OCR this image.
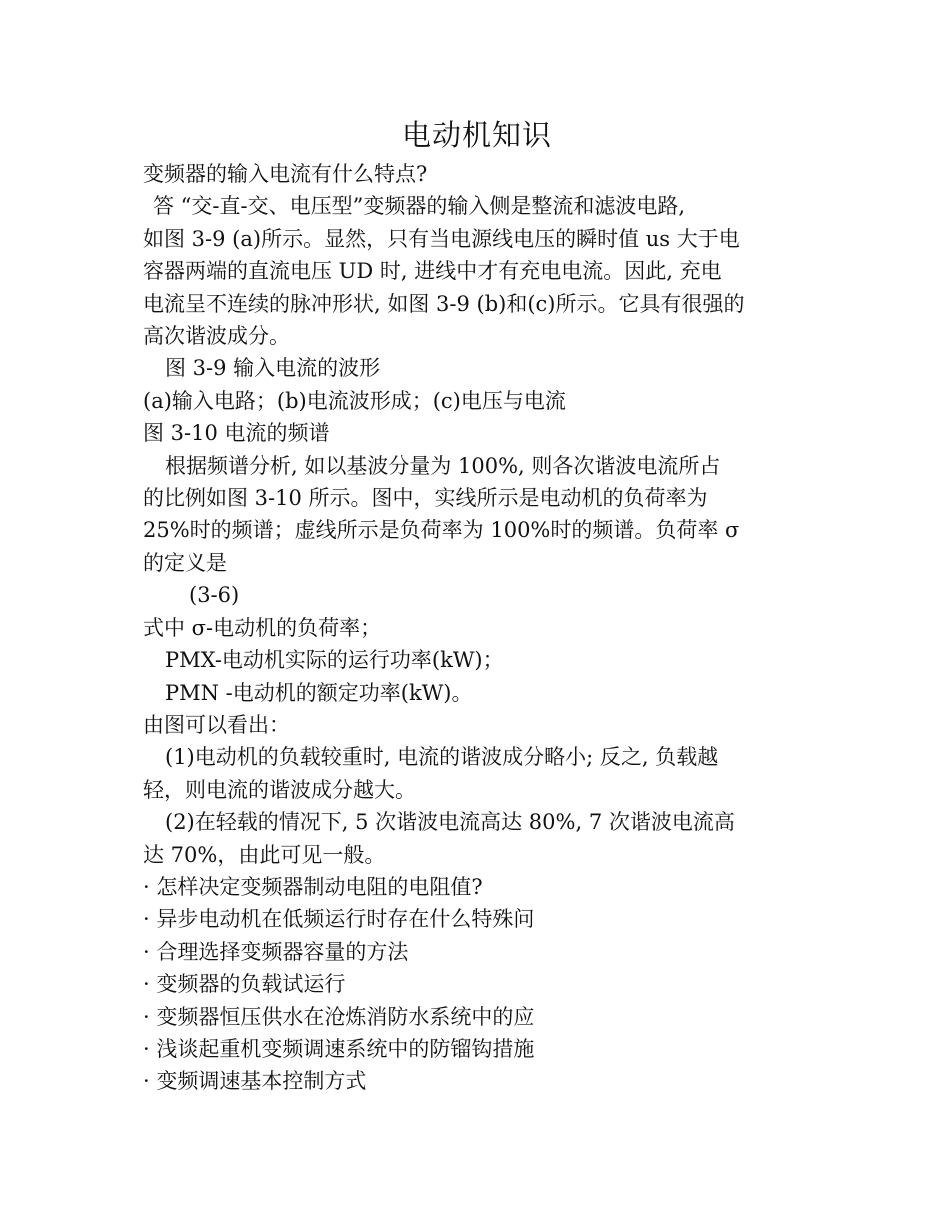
电动机知识

变频器的输入电流有什么特点?

答 “交-直-交、电压型”变频器的输入侧是整流和滤波电路,

如图 3-9 (a)所示。显然，只有当电源线电压的瞬时值 us 大于电

容器两端的直流电压 UD 时, 进线中才有充电电流。因此, 充电

电流呈不连续的脉冲形状, 如图 3-9 (b)和(c)所示。它具有很强的

高次谐波成分。

图 3-9 输入电流的波形

(a)输入电路；(b)电流波形成；(c)电压与电流

图 3-10 电流的频谱

根据频谱分析, 如以基波分量为 100%, 则各次谐波电流所占

的比例如图 3-10 所示。图中，实线所示是电动机的负荷率为

25%时的频谱；虚线所示是负荷率为 100%时的频谱。负荷率 σ

的定义是

(3-6)

式中 σ-电动机的负荷率；

PMX-电动机实际的运行功率(kW)；

PMN -电动机的额定功率(kW)。

由图可以看出：

(1)电动机的负载较重时, 电流的谐波成分略小; 反之, 负载越

轻，则电流的谐波成分越大。

(2)在轻载的情况下, 5 次谐波电流高达 80%, 7 次谐波电流高

达 70%，由此可见一般。

· 怎样决定变频器制动电阻的电阻值?

· 异步电动机在低频运行时存在什么特殊问

· 合理选择变频器容量的方法

· 变频器的负载试运行

· 变频器恒压供水在沧炼消防水系统中的应

· 浅谈起重机变频调速系统中的防镏钩措施

· 变频调速基本控制方式
